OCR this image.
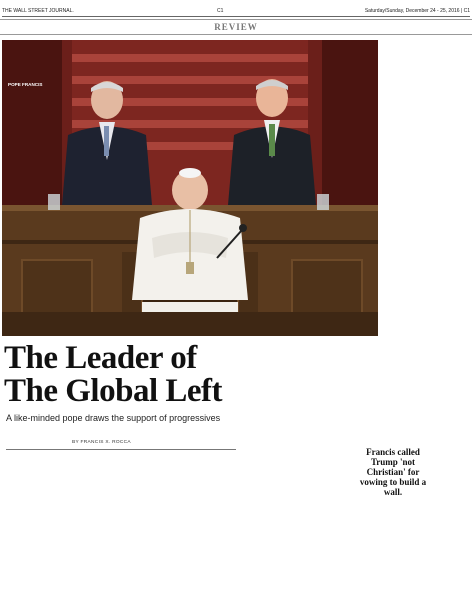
THE WALL STREET JOURNAL.	C1	Saturday/Sunday, December 24 - 25, 2016 | C1
REVIEW
POPE FRANCIS
The Leader of
The Global Left
A like-minded pope draws the support of progressives
BY FRANCIS X. ROCCA
Francis called Trump 'not Christian' for vowing to build a wall.
